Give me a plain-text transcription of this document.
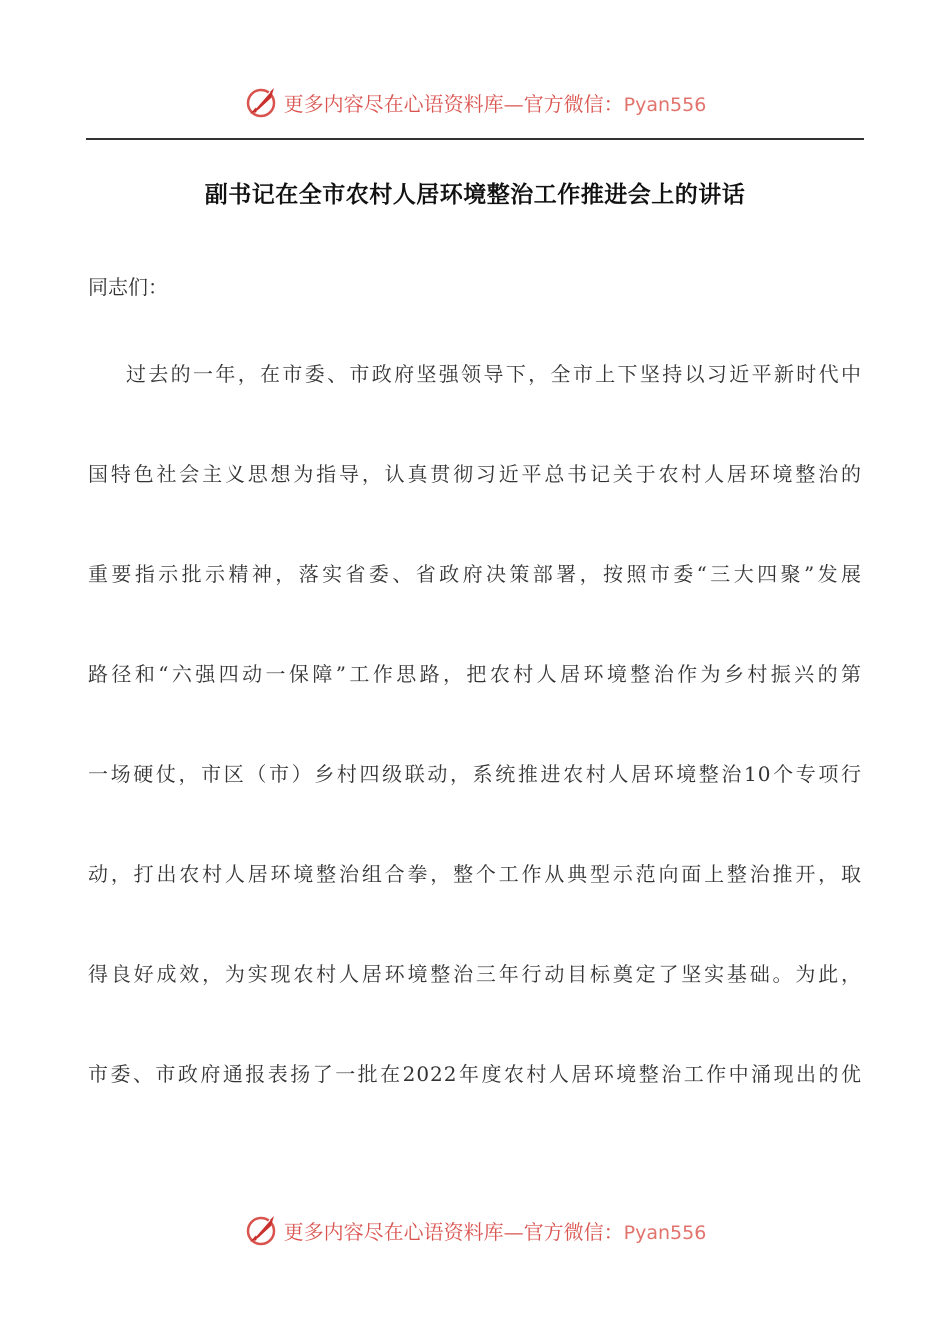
更多内容尽在心语资料库—官方微信：Pyan556
副书记在全市农村人居环境整治工作推进会上的讲话
同志们：
过去的一年，在市委、市政府坚强领导下，全市上下坚持以习近平新时代中
国特色社会主义思想为指导，认真贯彻习近平总书记关于农村人居环境整治的
重要指示批示精神，落实省委、省政府决策部署，按照市委“三大四聚”发展
路径和“六强四动一保障”工作思路，把农村人居环境整治作为乡村振兴的第
一场硬仗，市区（市）乡村四级联动，系统推进农村人居环境整治10个专项行
动，打出农村人居环境整治组合拳，整个工作从典型示范向面上整治推开，取
得良好成效，为实现农村人居环境整治三年行动目标奠定了坚实基础。为此，
市委、市政府通报表扬了一批在2022年度农村人居环境整治工作中涌现出的优
更多内容尽在心语资料库—官方微信：Pyan556
